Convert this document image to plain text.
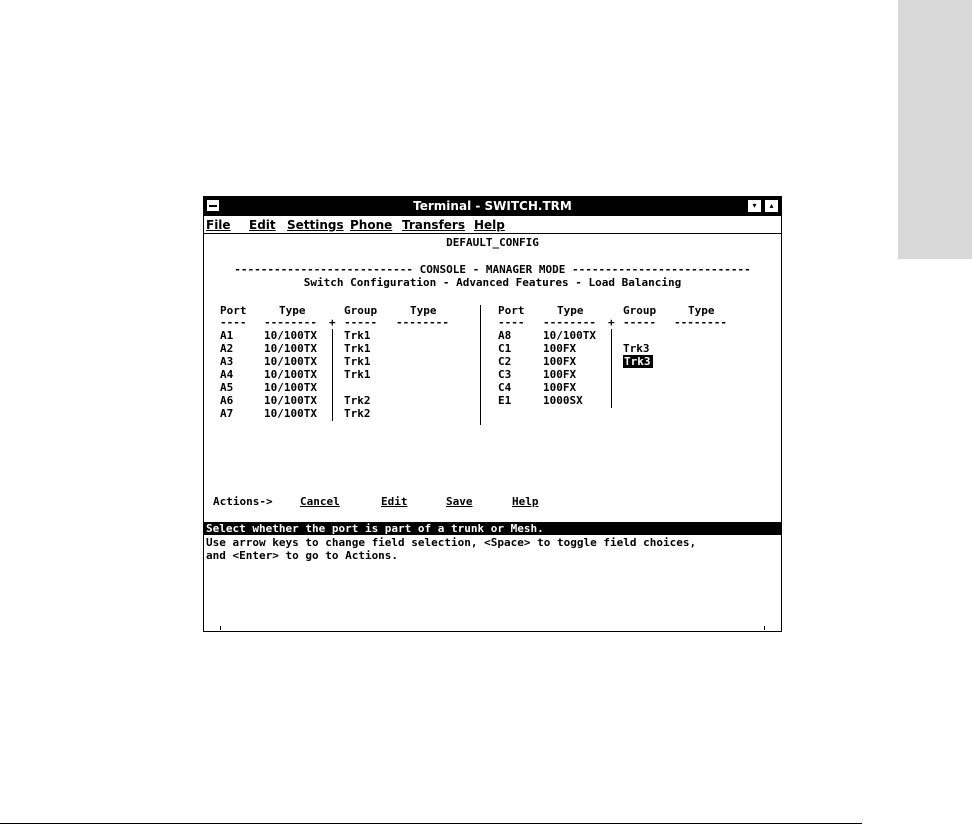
Terminal - SWITCH.TRM	▾	▴
File Edit Settings Phone Transfers Help
DEFAULT_CONFIG
--------------------------- CONSOLE - MANAGER MODE ---------------------------
Switch Configuration - Advanced Features - Load Balancing
Port	Type	Group	Type	Port	Type	Group	Type
---- -------- + ----- --------	---- -------- + ----- --------
A1	10/100TX Trk1
A2	10/100TX Trk1
A3	10/100TX Trk1
A4	10/100TX Trk1
A5	10/100TX
A6	10/100TX Trk2
A7	10/100TX Trk2
A8	10/100TX
C1	100FX	Trk3
C2	100FX	Trk3
C3	100FX
C4	100FX
E1	1000SX
Actions-> Cancel	Edit	Save	Help
Select whether the port is part of a trunk or Mesh.
Use arrow keys to change field selection, <Space> to toggle field choices,
and <Enter> to go to Actions.
